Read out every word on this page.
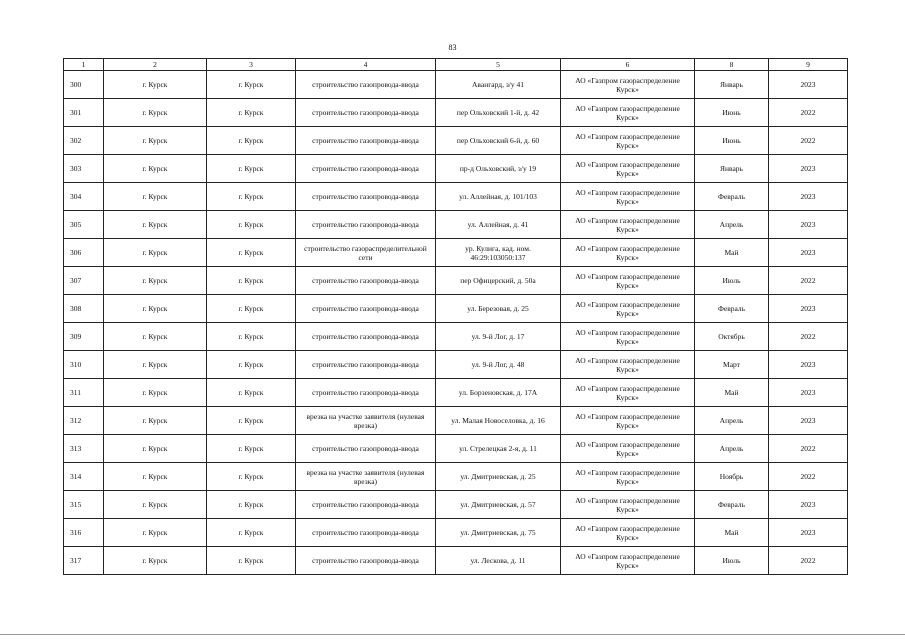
83
1	2	3	4	5	6	8	9
300	г. Курск	г. Курск	строительство газопровода-ввода	Авангард, з/у 41	АО «Газпром газораспределение Курск»	Январь	2023
301	г. Курск	г. Курск	строительство газопровода-ввода	пер Ольховский 1-й, д. 42	АО «Газпром газораспределение Курск»	Июнь	2022
302	г. Курск	г. Курск	строительство газопровода-ввода	пер Ольховский 6-й, д. 60	АО «Газпром газораспределение Курск»	Июнь	2022
303	г. Курск	г. Курск	строительство газопровода-ввода	пр-д Ольховский, з/у 19	АО «Газпром газораспределение Курск»	Январь	2023
304	г. Курск	г. Курск	строительство газопровода-ввода	ул. Аллейная, д. 101/103	АО «Газпром газораспределение Курск»	Февраль	2023
305	г. Курск	г. Курск	строительство газопровода-ввода	ул. Аллейная, д. 41	АО «Газпром газораспределение Курск»	Апрель	2023
306	г. Курск	г. Курск	строительство газораспределительной сети	ур. Кулига, кад. ном. 46:29:103050:137	АО «Газпром газораспределение Курск»	Май	2023
307	г. Курск	г. Курск	строительство газопровода-ввода	пер Офицерский, д. 50а	АО «Газпром газораспределение Курск»	Июль	2022
308	г. Курск	г. Курск	строительство газопровода-ввода	ул. Березовая, д. 25	АО «Газпром газораспределение Курск»	Февраль	2023
309	г. Курск	г. Курск	строительство газопровода-ввода	ул. 9-й Лог, д. 17	АО «Газпром газораспределение Курск»	Октябрь	2022
310	г. Курск	г. Курск	строительство газопровода-ввода	ул. 9-й Лог, д. 48	АО «Газпром газораспределение Курск»	Март	2023
311	г. Курск	г. Курск	строительство газопровода-ввода	ул. Борзеновская, д. 17А	АО «Газпром газораспределение Курск»	Май	2023
312	г. Курск	г. Курск	врезка на участке заявителя (нулевая врезка)	ул. Малая Новоселовка, д. 16	АО «Газпром газораспределение Курск»	Апрель	2023
313	г. Курск	г. Курск	строительство газопровода-ввода	ул. Стрелецкая 2-я, д. 11	АО «Газпром газораспределение Курск»	Апрель	2022
314	г. Курск	г. Курск	врезка на участке заявителя (нулевая врезка)	ул. Дмитриевская, д. 25	АО «Газпром газораспределение Курск»	Ноябрь	2022
315	г. Курск	г. Курск	строительство газопровода-ввода	ул. Дмитриевская, д. 57	АО «Газпром газораспределение Курск»	Февраль	2023
316	г. Курск	г. Курск	строительство газопровода-ввода	ул. Дмитриевская, д. 75	АО «Газпром газораспределение Курск»	Май	2023
317	г. Курск	г. Курск	строительство газопровода-ввода	ул. Лескова, д. 11	АО «Газпром газораспределение Курск»	Июль	2022
